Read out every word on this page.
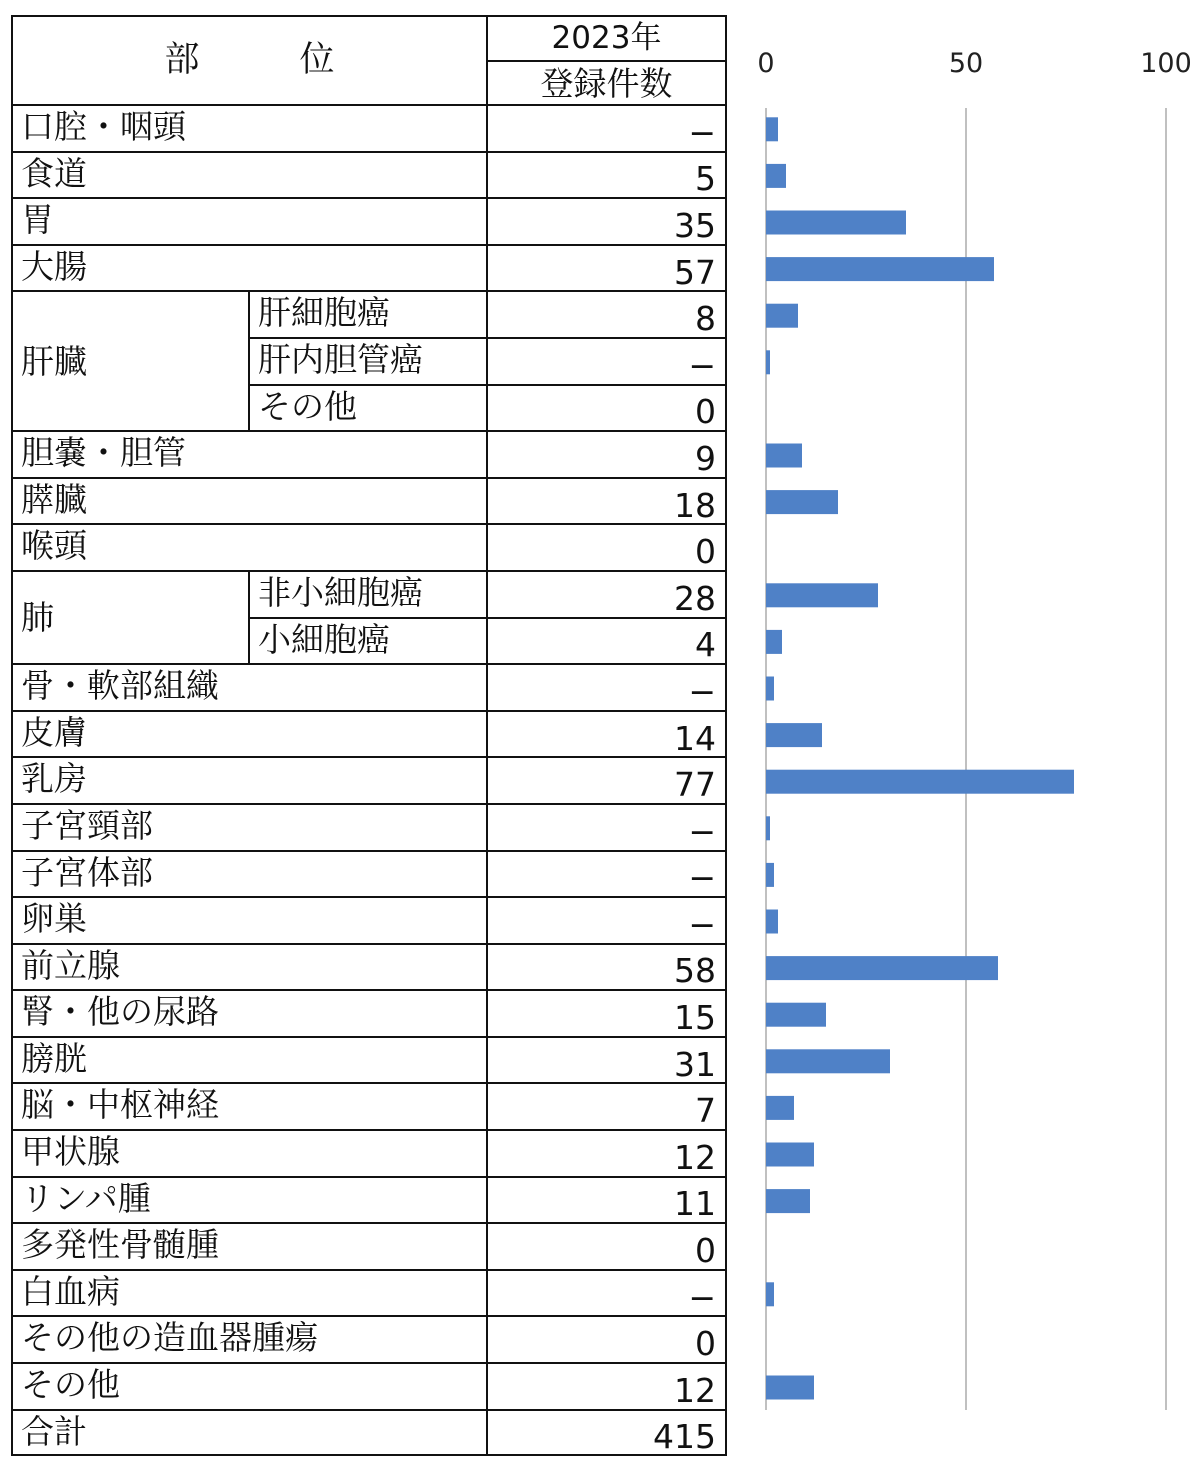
部 位		2023年
		登録件数
口腔・咽頭		−
食道		5
胃		35
大腸		57
肝臓	肝細胞癌	8
	肝内胆管癌	−
	その他	0
胆嚢・胆管		9
膵臓		18
喉頭		0
肺	非小細胞癌	28
	小細胞癌	4
骨・軟部組織		−
皮膚		14
乳房		77
子宮頸部		−
子宮体部		−
卵巣		−
前立腺		58
腎・他の尿路		15
膀胱		31
脳・中枢神経		7
甲状腺		12
リンパ腫		11
多発性骨髄腫		0
白血病		−
その他の造血器腫瘍		0
その他		12
合計		415
0	50	100
